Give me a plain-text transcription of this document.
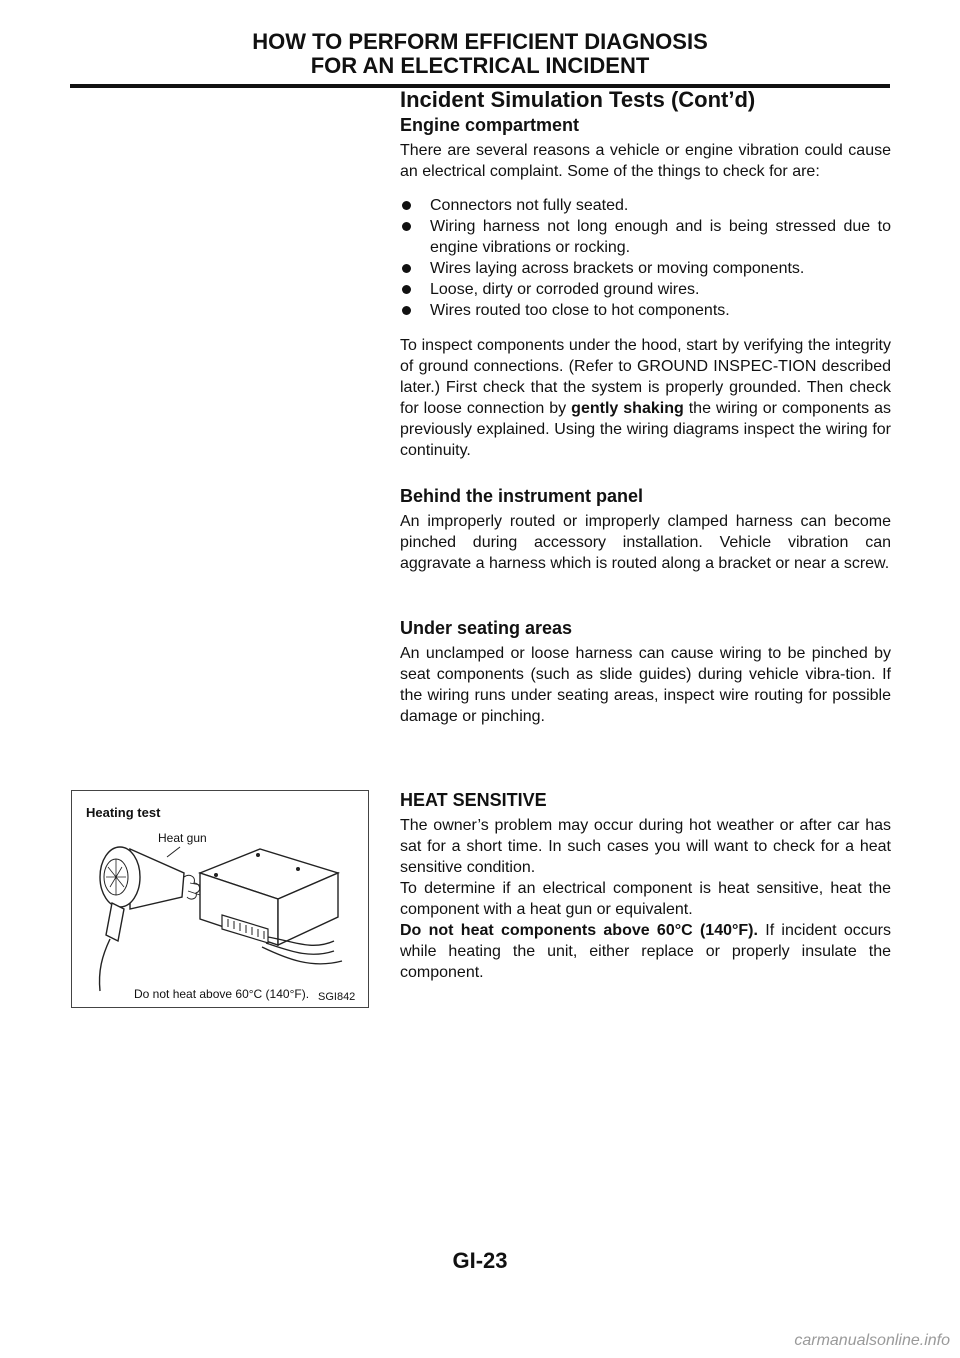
HOW TO PERFORM EFFICIENT DIAGNOSIS
FOR AN ELECTRICAL INCIDENT
Incident Simulation Tests (Cont’d)
Engine compartment

There are several reasons a vehicle or engine vibration could cause an electrical complaint. Some of the things to check for are:

Connectors not fully seated.
Wiring harness not long enough and is being stressed due to engine vibrations or rocking.
Wires laying across brackets or moving components.
Loose, dirty or corroded ground wires.
Wires routed too close to hot components.

To inspect components under the hood, start by verifying the integrity of ground connections. (Refer to GROUND INSPEC-TION described later.) First check that the system is properly grounded. Then check for loose connection by gently shaking the wiring or components as previously explained. Using the wiring diagrams inspect the wiring for continuity.

Behind the instrument panel
An improperly routed or improperly clamped harness can become pinched during accessory installation. Vehicle vibration can aggravate a harness which is routed along a bracket or near a screw.
Under seating areas
An unclamped or loose harness can cause wiring to be pinched by seat components (such as slide guides) during vehicle vibra-tion. If the wiring runs under seating areas, inspect wire routing for possible damage or pinching.
HEAT SENSITIVE

The owner’s problem may occur during hot weather or after car has sat for a short time. In such cases you will want to check for a heat sensitive condition.

To determine if an electrical component is heat sensitive, heat the component with a heat gun or equivalent.

Do not heat components above 60°C (140°F). If incident occurs while heating the unit, either replace or properly insulate the component.

Heating test
Heat gun
Do not heat above 60°C (140°F). SGI842
GI-23
carmanualsonline.info
